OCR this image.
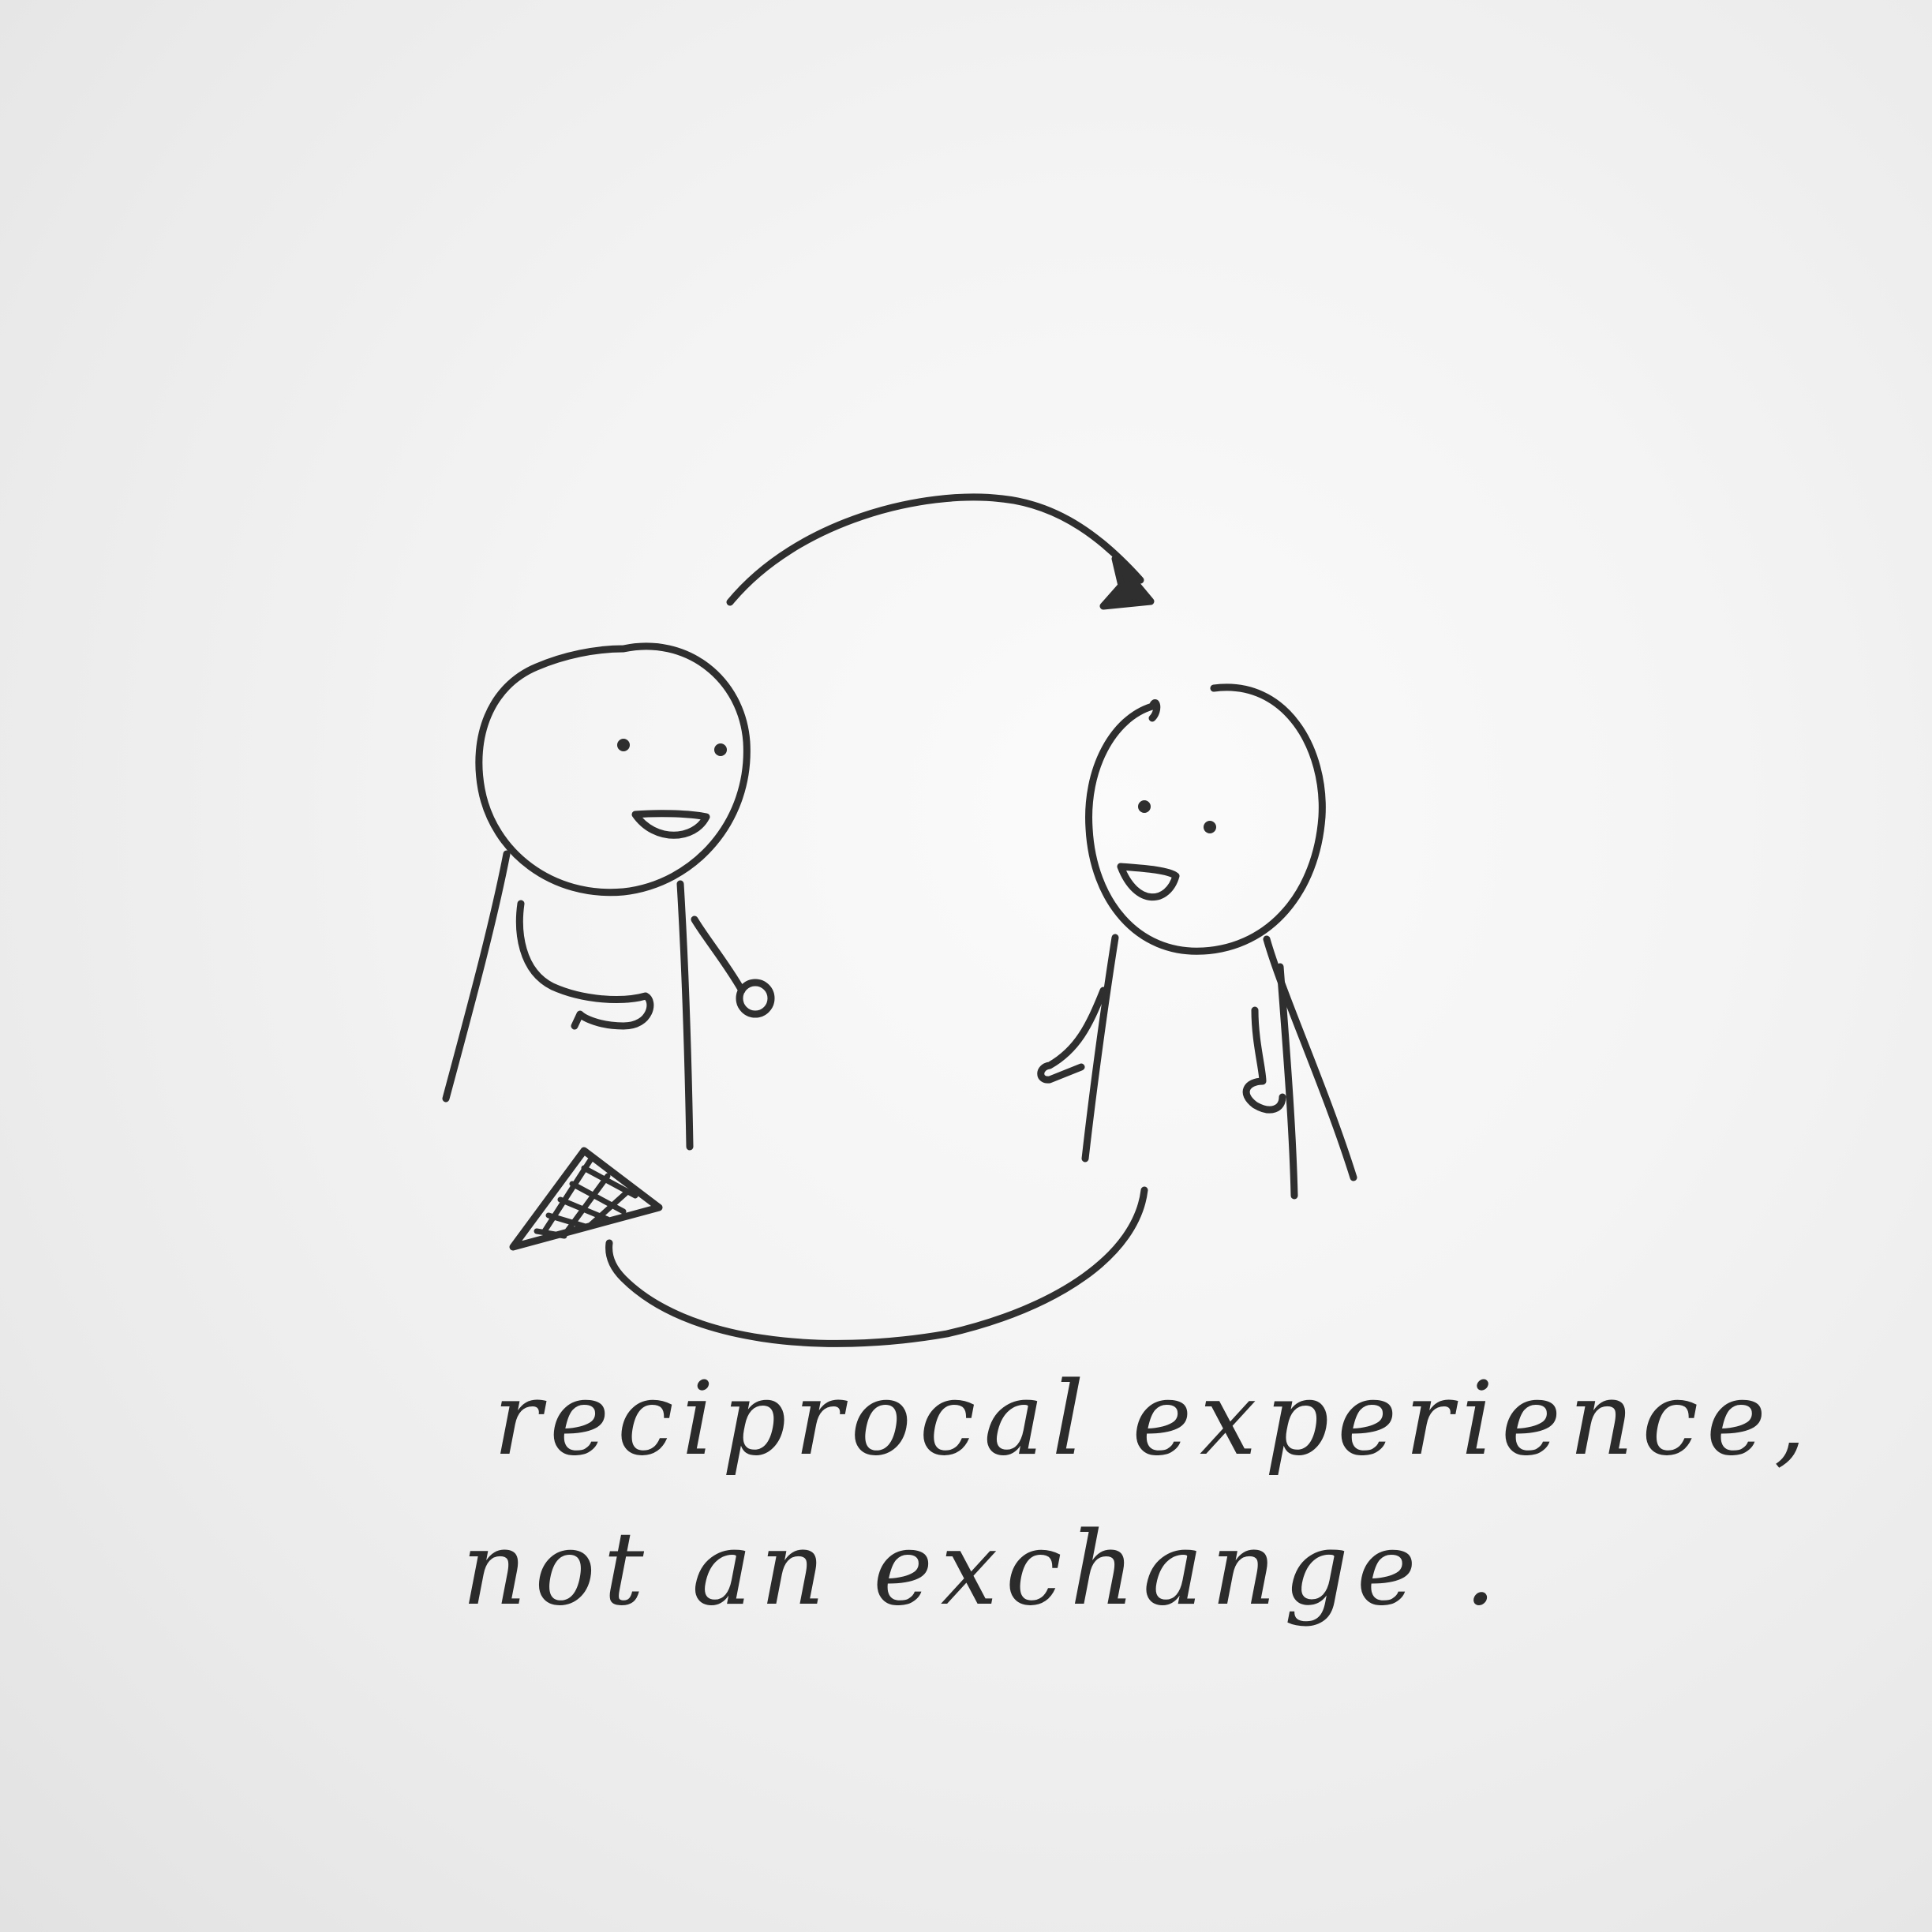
reciprocal experience,
not an exchange .
